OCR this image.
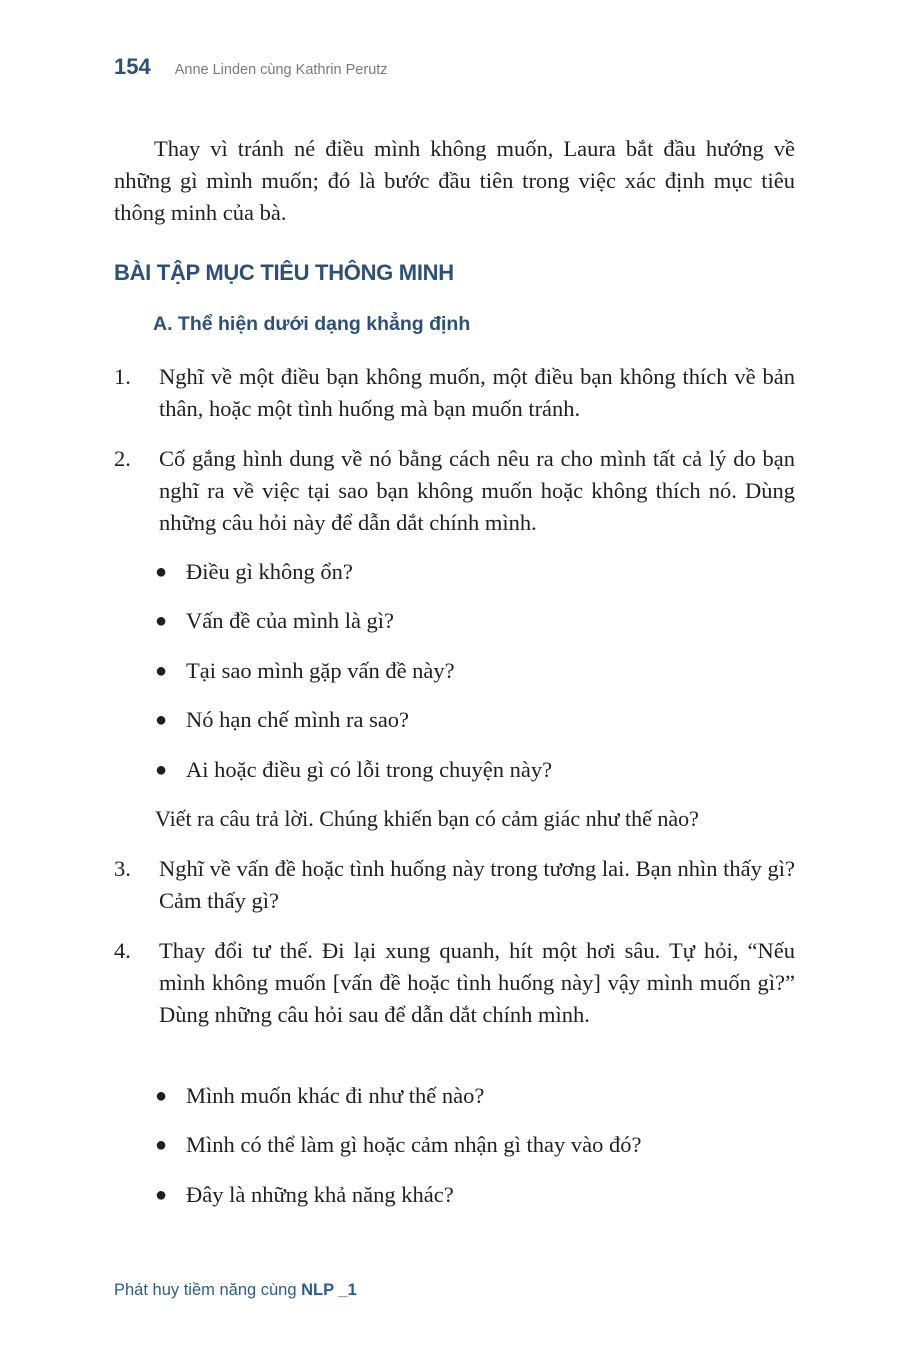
154 Anne Linden cùng Kathrin Perutz

Thay vì tránh né điều mình không muốn, Laura bắt đầu hướng về những gì mình muốn; đó là bước đầu tiên trong việc xác định mục tiêu thông minh của bà.

BÀI TẬP MỤC TIÊU THÔNG MINH
A. Thể hiện dưới dạng khẳng định
1. Nghĩ về một điều bạn không muốn, một điều bạn không thích về bản thân, hoặc một tình huống mà bạn muốn tránh.
2. Cố gắng hình dung về nó bằng cách nêu ra cho mình tất cả lý do bạn nghĩ ra về việc tại sao bạn không muốn hoặc không thích nó. Dùng những câu hỏi này để dẫn dắt chính mình.
● Điều gì không ổn?
● Vấn đề của mình là gì?
● Tại sao mình gặp vấn đề này?
● Nó hạn chế mình ra sao?
● Ai hoặc điều gì có lỗi trong chuyện này?
Viết ra câu trả lời. Chúng khiến bạn có cảm giác như thế nào?
3. Nghĩ về vấn đề hoặc tình huống này trong tương lai. Bạn nhìn thấy gì? Cảm thấy gì?
4. Thay đổi tư thế. Đi lại xung quanh, hít một hơi sâu. Tự hỏi, “Nếu mình không muốn [vấn đề hoặc tình huống này] vậy mình muốn gì?” Dùng những câu hỏi sau để dẫn dắt chính mình.
● Mình muốn khác đi như thế nào?
● Mình có thể làm gì hoặc cảm nhận gì thay vào đó?
● Đây là những khả năng khác?
Phát huy tiềm năng cùng NLP _1
